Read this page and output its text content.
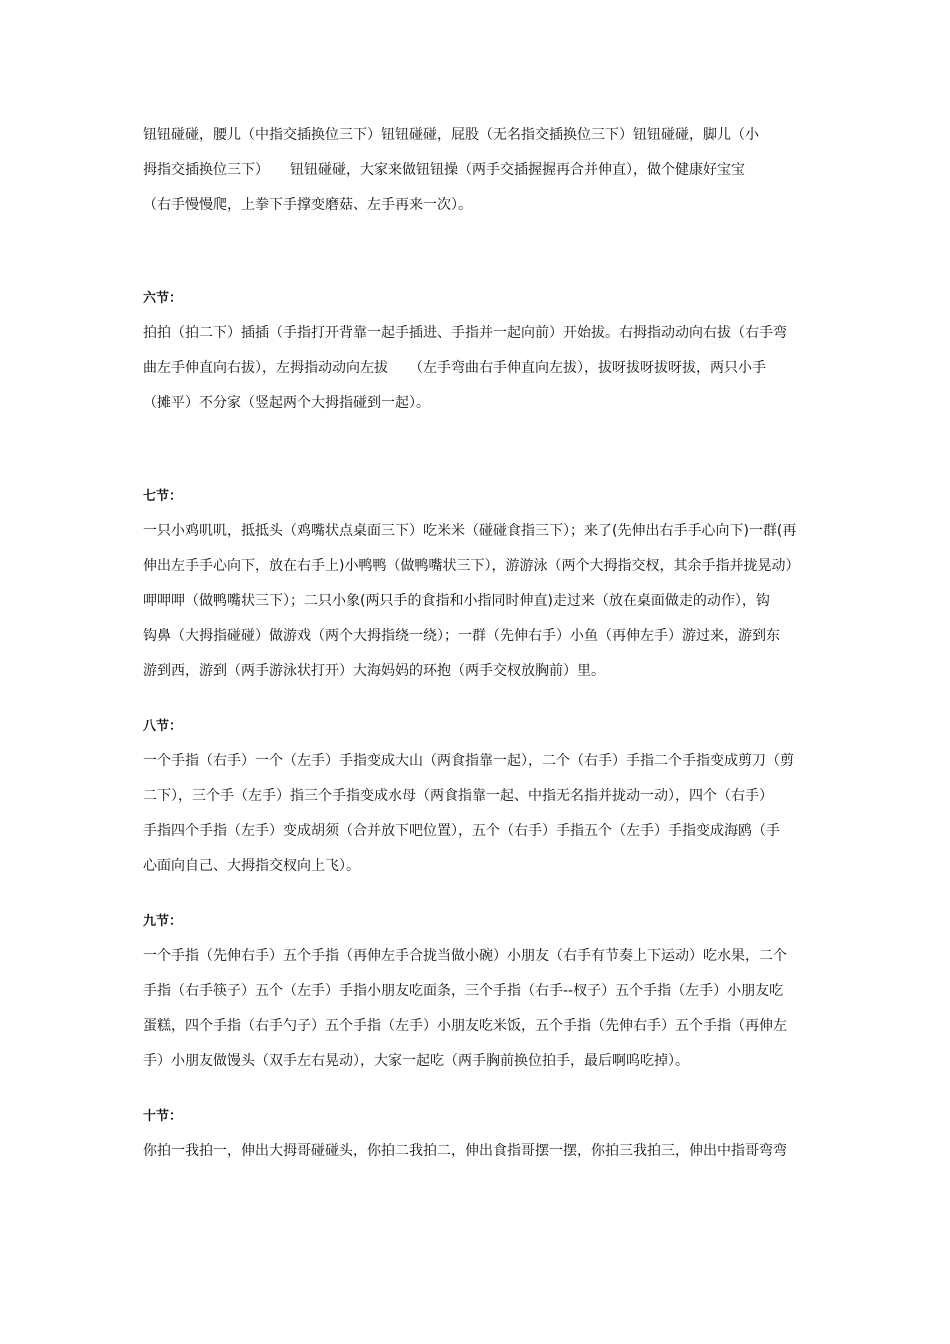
钮钮碰碰，腰儿（中指交插换位三下）钮钮碰碰，屁股（无名指交插换位三下）钮钮碰碰，脚儿（小
拇指交插换位三下）　　钮钮碰碰，大家来做钮钮操（两手交插握握再合并伸直），做个健康好宝宝
（右手慢慢爬，上拳下手撑变磨菇、左手再来一次）。
六节：
拍拍（拍二下）插插（手指打开背靠一起手插进、手指并一起向前）开始拔。右拇指动动向右拔（右手弯
曲左手伸直向右拔），左拇指动动向左拔　　（左手弯曲右手伸直向左拔），拔呀拔呀拔呀拔，两只小手
（摊平）不分家（竖起两个大拇指碰到一起）。
七节：
一只小鸡叽叽，抵抵头（鸡嘴状点桌面三下）吃米米（碰碰食指三下）；来了(先伸出右手手心向下)一群(再
伸出左手手心向下，放在右手上)小鸭鸭（做鸭嘴状三下），游游泳（两个大拇指交杈，其余手指并拢晃动）
呷呷呷（做鸭嘴状三下）；二只小象(两只手的食指和小指同时伸直)走过来（放在桌面做走的动作），钩
钩鼻（大拇指碰碰）做游戏（两个大拇指绕一绕）；一群（先伸右手）小鱼（再伸左手）游过来，游到东
游到西，游到（两手游泳状打开）大海妈妈的环抱（两手交杈放胸前）里。
八节：
一个手指（右手）一个（左手）手指变成大山（两食指靠一起），二个（右手）手指二个手指变成剪刀（剪
二下），三个手（左手）指三个手指变成水母（两食指靠一起、中指无名指并拢动一动），四个（右手）
手指四个手指（左手）变成胡须（合并放下吧位置），五个（右手）手指五个（左手）手指变成海鸥（手
心面向自己、大拇指交杈向上飞）。
九节：
一个手指（先伸右手）五个手指（再伸左手合拢当做小碗）小朋友（右手有节奏上下运动）吃水果，二个
手指（右手筷子）五个（左手）手指小朋友吃面条，三个手指（右手--杈子）五个手指（左手）小朋友吃
蛋糕，四个手指（右手勺子）五个手指（左手）小朋友吃米饭，五个手指（先伸右手）五个手指（再伸左
手）小朋友做馒头（双手左右晃动），大家一起吃（两手胸前换位拍手，最后啊呜吃掉）。
十节：
你拍一我拍一，伸出大拇哥碰碰头，你拍二我拍二，伸出食指哥摆一摆，你拍三我拍三，伸出中指哥弯弯
